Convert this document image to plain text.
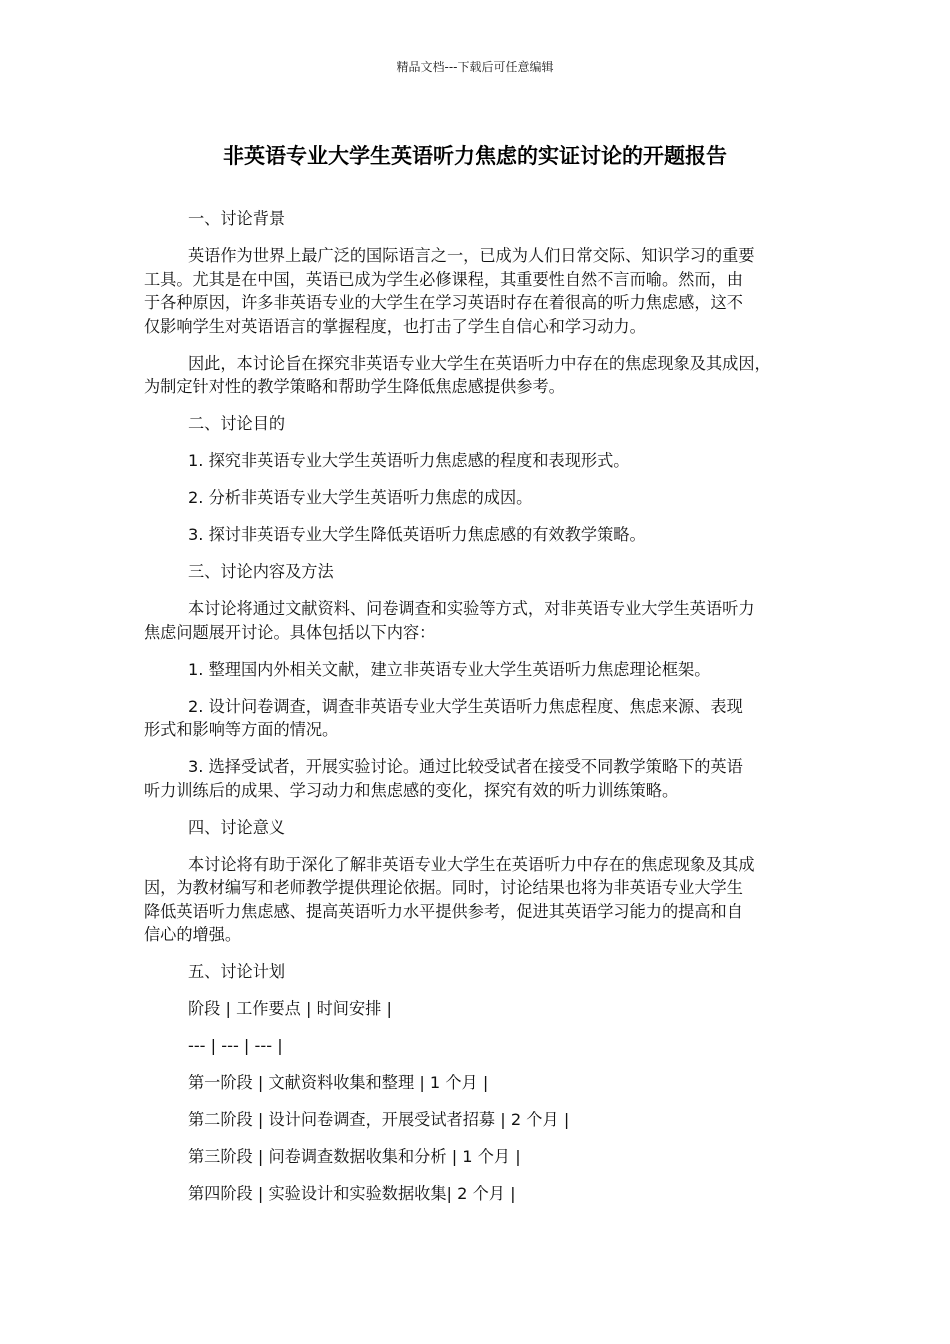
精品文档---下载后可任意编辑
非英语专业大学生英语听力焦虑的实证讨论的开题报告

一、讨论背景

英语作为世界上最广泛的国际语言之一，已成为人们日常交际、知识学习的重要
工具。尤其是在中国，英语已成为学生必修课程，其重要性自然不言而喻。然而，由
于各种原因，许多非英语专业的大学生在学习英语时存在着很高的听力焦虑感，这不
仅影响学生对英语语言的掌握程度，也打击了学生自信心和学习动力。

因此，本讨论旨在探究非英语专业大学生在英语听力中存在的焦虑现象及其成因，
为制定针对性的教学策略和帮助学生降低焦虑感提供参考。

二、讨论目的

1. 探究非英语专业大学生英语听力焦虑感的程度和表现形式。

2. 分析非英语专业大学生英语听力焦虑的成因。

3. 探讨非英语专业大学生降低英语听力焦虑感的有效教学策略。

三、讨论内容及方法

本讨论将通过文献资料、问卷调查和实验等方式，对非英语专业大学生英语听力
焦虑问题展开讨论。具体包括以下内容：

1. 整理国内外相关文献，建立非英语专业大学生英语听力焦虑理论框架。

2. 设计问卷调查，调查非英语专业大学生英语听力焦虑程度、焦虑来源、表现
形式和影响等方面的情况。

3. 选择受试者，开展实验讨论。通过比较受试者在接受不同教学策略下的英语
听力训练后的成果、学习动力和焦虑感的变化，探究有效的听力训练策略。

四、讨论意义

本讨论将有助于深化了解非英语专业大学生在英语听力中存在的焦虑现象及其成
因，为教材编写和老师教学提供理论依据。同时，讨论结果也将为非英语专业大学生
降低英语听力焦虑感、提高英语听力水平提供参考，促进其英语学习能力的提高和自
信心的增强。

五、讨论计划

阶段 | 工作要点 | 时间安排 |

--- | --- | --- |

第一阶段 | 文献资料收集和整理 | 1 个月 |

第二阶段 | 设计问卷调查，开展受试者招募 | 2 个月 |

第三阶段 | 问卷调查数据收集和分析 | 1 个月 |

第四阶段 | 实验设计和实验数据收集| 2 个月 |
